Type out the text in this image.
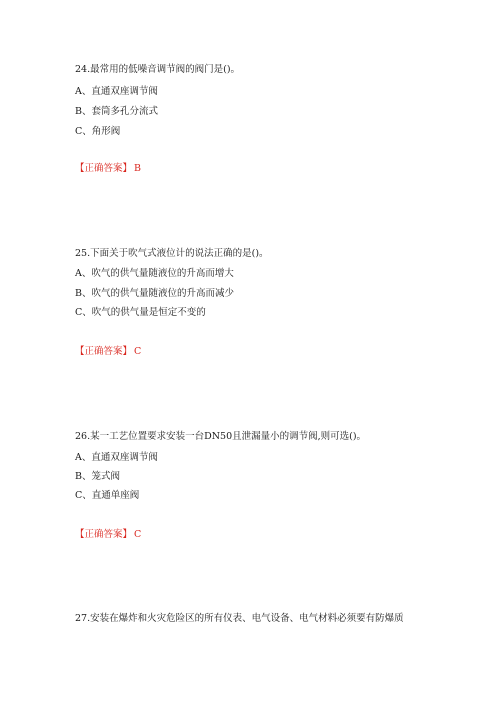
24.最常用的低噪音调节阀的阀门是()。
A、直通双座调节阀
B、套筒多孔分流式
C、角形阀
【正确答案】 B
25.下面关于吹气式液位计的说法正确的是()。
A、吹气的供气量随液位的升高而增大
B、吹气的供气量随液位的升高而减少
C、吹气的供气量是恒定不变的
【正确答案】 C
26.某一工艺位置要求安装一台DN50且泄漏量小的调节阀,则可选()。
A、直通双座调节阀
B、笼式阀
C、直通单座阀
【正确答案】 C
27.安装在爆炸和火灾危险区的所有仪表、电气设备、电气材料必须要有防爆质
